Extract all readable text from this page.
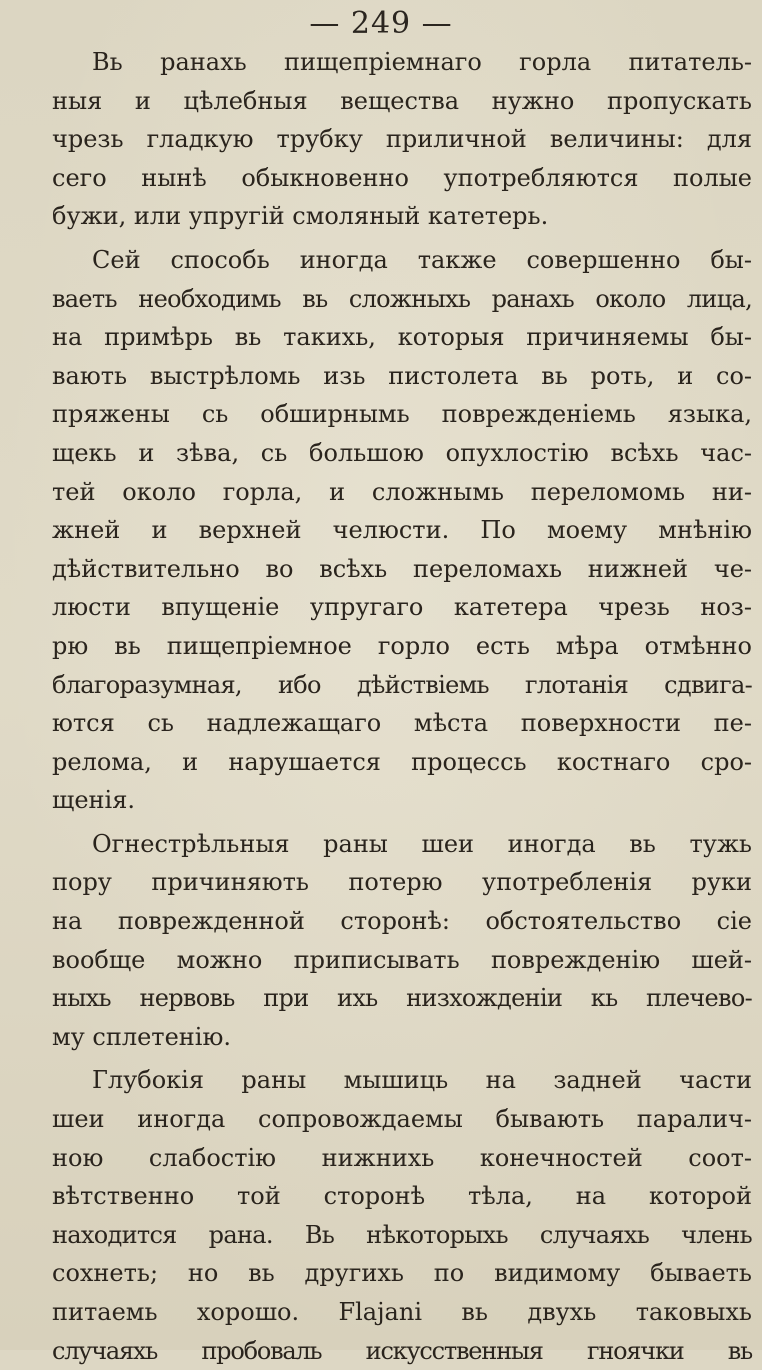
— 249 —
Вь ранахь пищепріемнаго горла питатель-
ныя и цѣлебныя вещества нужно пропускать
чрезь гладкую трубку приличной величины: для
сего нынѣ обыкновенно употребляются полые
бужи, или упругій смоляный катетерь.
Сей способь иногда также совершенно бы-
ваеть необходимь вь сложныхь ранахь около лица,
на примѣрь вь такихь, которыя причиняемы бы-
вають выстрѣломь изь пистолета вь роть, и со-
пряжены сь обширнымь поврежденіемь языка,
щекь и зѣва, сь большою опухлостію всѣхь час-
тей около горла, и сложнымь переломомь ни-
жней и верхней челюсти. По моему мнѣнію
дѣйствительно во всѣхь переломахь нижней че-
люсти впущеніе упругаго катетера чрезь ноз-
рю вь пищепріемное горло есть мѣра отмѣнно
благоразумная, ибо дѣйствіемь глотанія сдвига-
ются сь надлежащаго мѣста поверхности пе-
релома, и нарушается процессь костнаго сро-
щенія.
Огнестрѣльныя раны шеи иногда вь тужь
пору причиняють потерю употребленія руки
на поврежденной сторонѣ: обстоятельство сіе
вообще можно приписывать поврежденію шей-
ныхь нервовь при ихь низхожденіи кь плечево-
му сплетенію.
Глубокія раны мышиць на задней части
шеи иногда сопровождаемы бывають паралич-
ною слабостію нижнихь конечностей соот-
вѣтственно той сторонѣ тѣла, на которой
находится рана. Вь нѣкоторыхь случаяхь члень
сохнеть; но вь другихь по видимому бываеть
питаемь хорошо. Flajani вь двухь таковыхь
случаяхь пробоваль искусственныя гноячки вь
